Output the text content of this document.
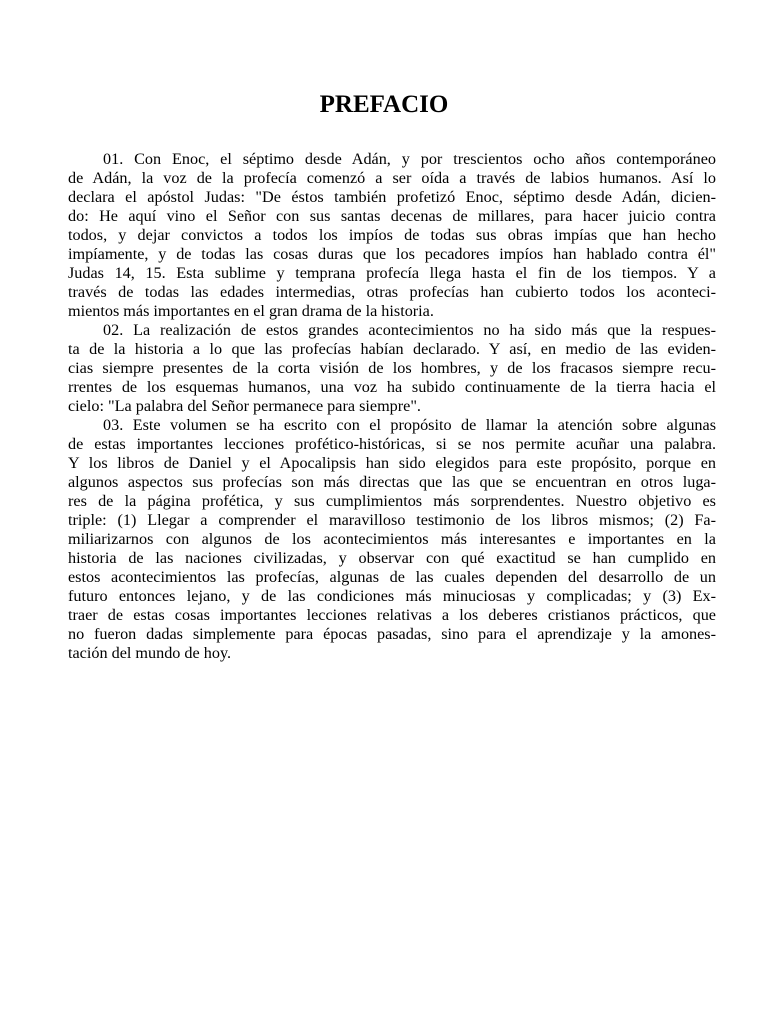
PREFACIO
01. Con Enoc, el séptimo desde Adán, y por trescientos ocho años contemporáneo
de Adán, la voz de la profecía comenzó a ser oída a través de labios humanos. Así lo
declara el apóstol Judas: "De éstos también profetizó Enoc, séptimo desde Adán, dicien-
do: He aquí vino el Señor con sus santas decenas de millares, para hacer juicio contra
todos, y dejar convictos a todos los impíos de todas sus obras impías que han hecho
impíamente, y de todas las cosas duras que los pecadores impíos han hablado contra él"
Judas 14, 15. Esta sublime y temprana profecía llega hasta el fin de los tiempos. Y a
través de todas las edades intermedias, otras profecías han cubierto todos los aconteci-
mientos más importantes en el gran drama de la historia.
02. La realización de estos grandes acontecimientos no ha sido más que la respues-
ta de la historia a lo que las profecías habían declarado. Y así, en medio de las eviden-
cias siempre presentes de la corta visión de los hombres, y de los fracasos siempre recu-
rrentes de los esquemas humanos, una voz ha subido continuamente de la tierra hacia el
cielo: "La palabra del Señor permanece para siempre".
03. Este volumen se ha escrito con el propósito de llamar la atención sobre algunas
de estas importantes lecciones profético-históricas, si se nos permite acuñar una palabra.
Y los libros de Daniel y el Apocalipsis han sido elegidos para este propósito, porque en
algunos aspectos sus profecías son más directas que las que se encuentran en otros luga-
res de la página profética, y sus cumplimientos más sorprendentes. Nuestro objetivo es
triple: (1) Llegar a comprender el maravilloso testimonio de los libros mismos; (2) Fa-
miliarizarnos con algunos de los acontecimientos más interesantes e importantes en la
historia de las naciones civilizadas, y observar con qué exactitud se han cumplido en
estos acontecimientos las profecías, algunas de las cuales dependen del desarrollo de un
futuro entonces lejano, y de las condiciones más minuciosas y complicadas; y (3) Ex-
traer de estas cosas importantes lecciones relativas a los deberes cristianos prácticos, que
no fueron dadas simplemente para épocas pasadas, sino para el aprendizaje y la amones-
tación del mundo de hoy.
